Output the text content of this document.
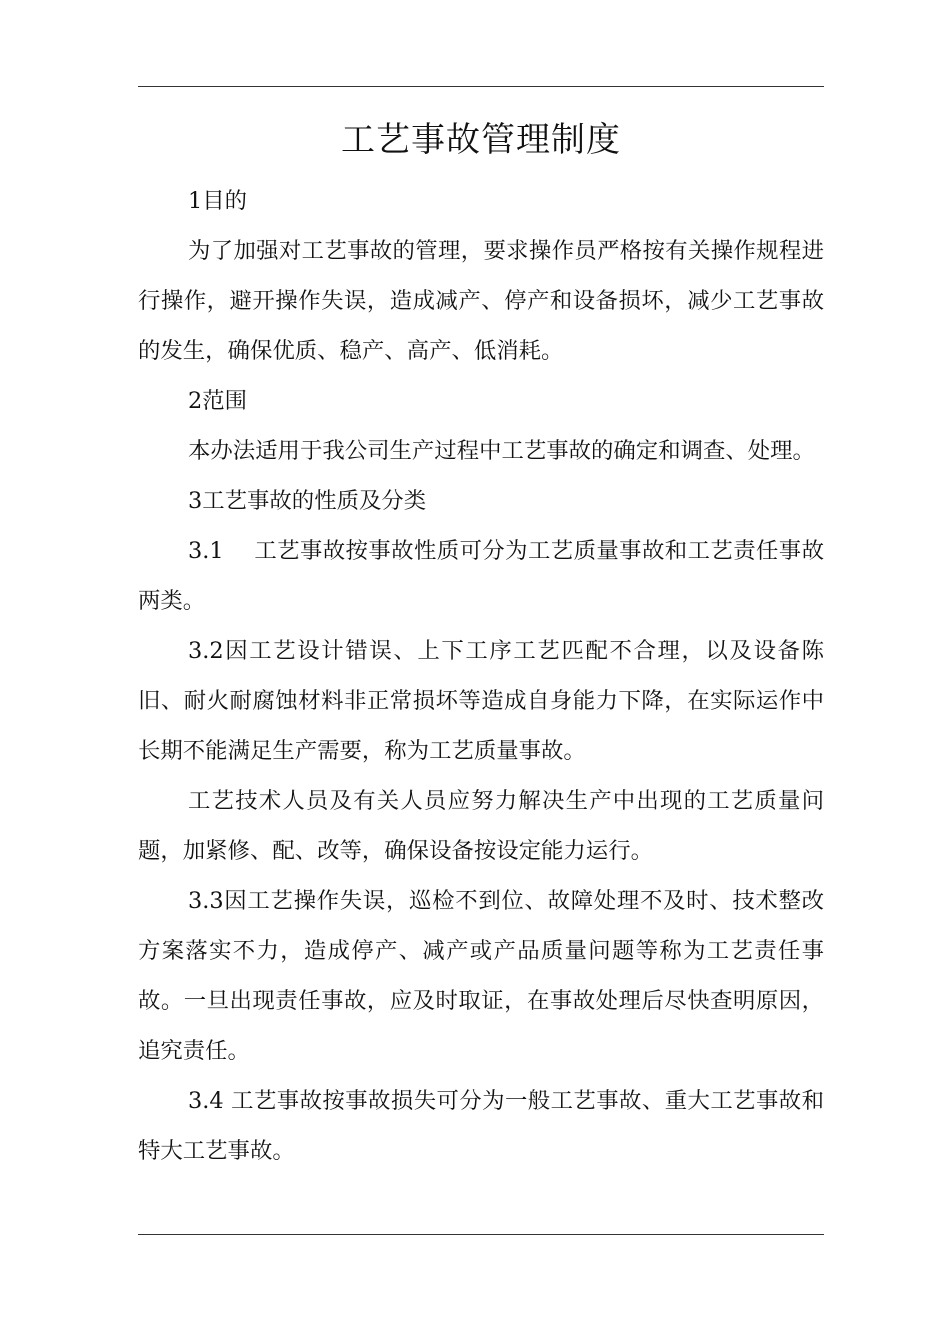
工艺事故管理制度

1目的

为了加强对工艺事故的管理，要求操作员严格按有关操作规程进行操作，避开操作失误，造成减产、停产和设备损坏，减少工艺事故的发生，确保优质、稳产、高产、低消耗。

2范围

本办法适用于我公司生产过程中工艺事故的确定和调查、处理。

3工艺事故的性质及分类

3.1　 工艺事故按事故性质可分为工艺质量事故和工艺责任事故两类。

3.2因工艺设计错误、上下工序工艺匹配不合理，以及设备陈旧、耐火耐腐蚀材料非正常损坏等造成自身能力下降，在实际运作中长期不能满足生产需要，称为工艺质量事故。

工艺技术人员及有关人员应努力解决生产中出现的工艺质量问题，加紧修、配、改等，确保设备按设定能力运行。

3.3因工艺操作失误，巡检不到位、故障处理不及时、技术整改方案落实不力，造成停产、减产或产品质量问题等称为工艺责任事故。一旦出现责任事故，应及时取证，在事故处理后尽快查明原因，追究责任。

3.4 工艺事故按事故损失可分为一般工艺事故、重大工艺事故和特大工艺事故。
